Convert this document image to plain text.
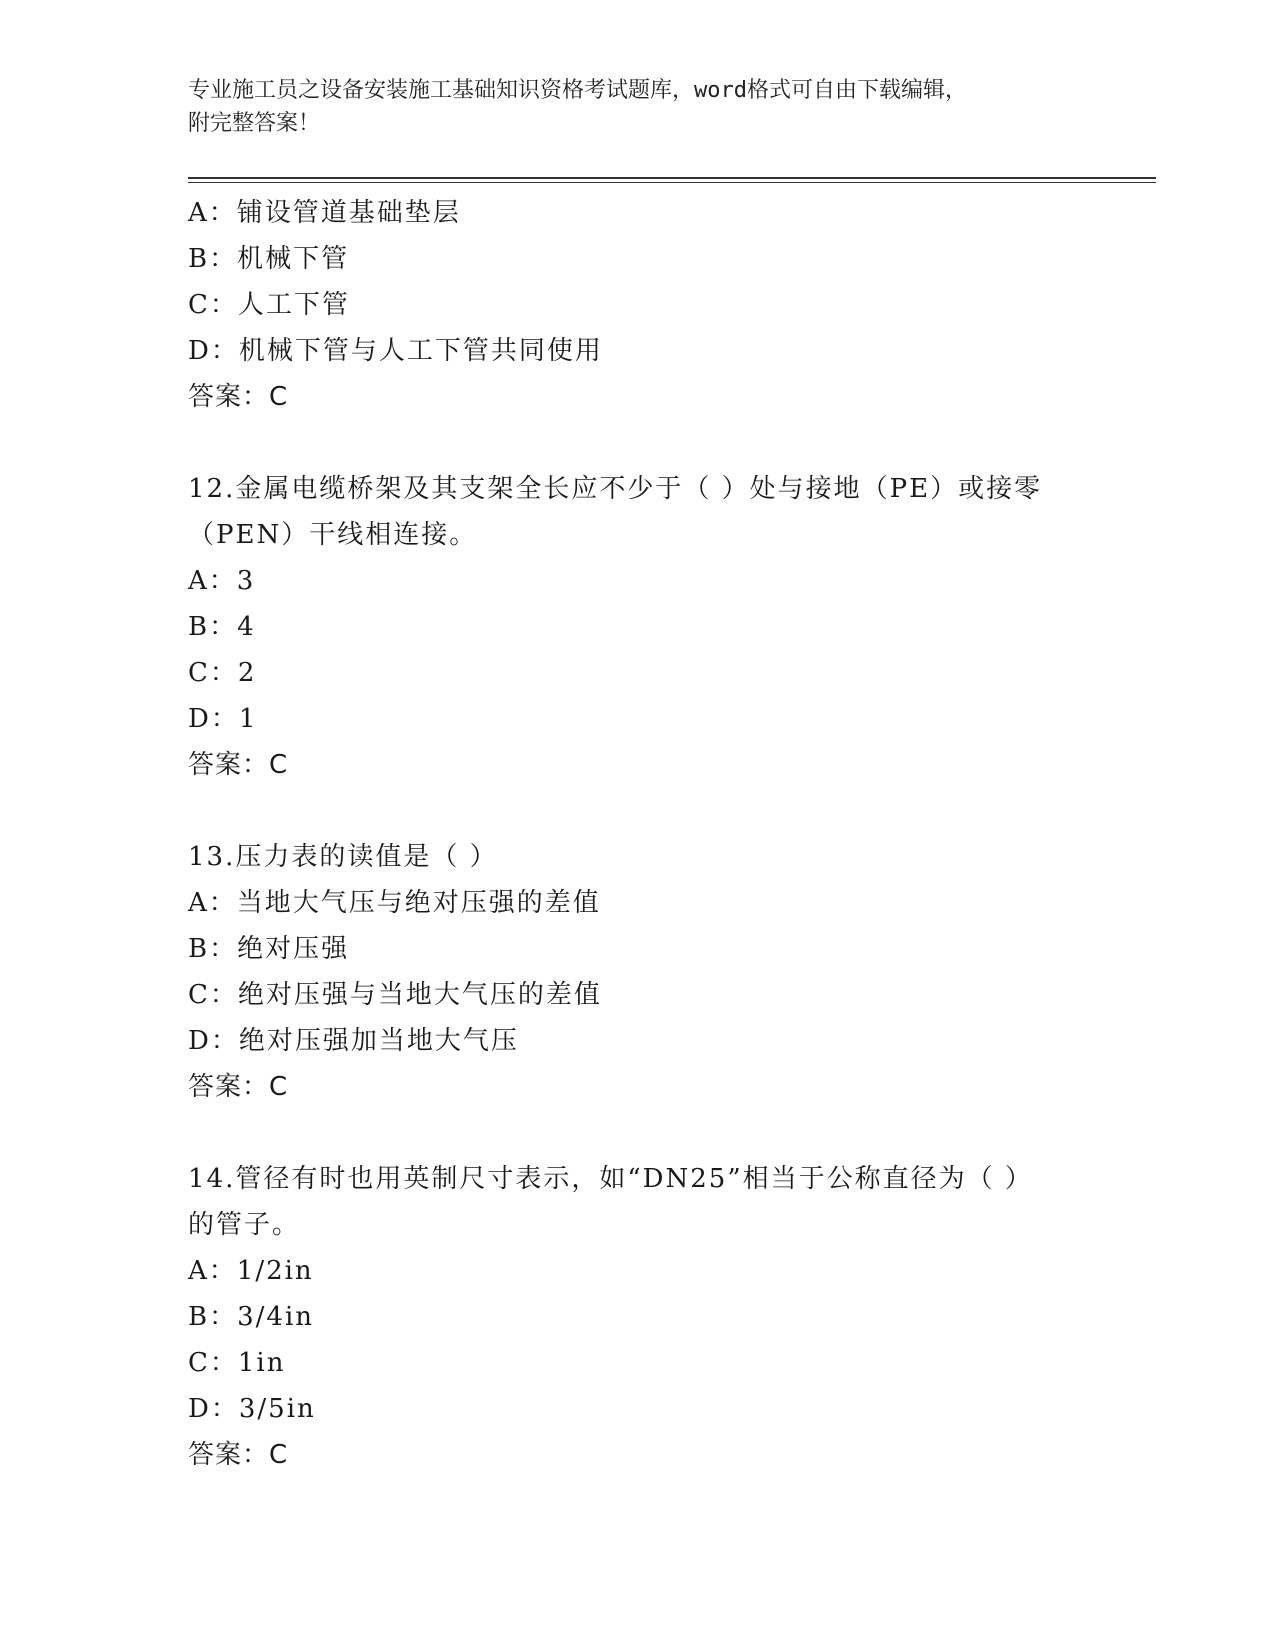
专业施工员之设备安装施工基础知识资格考试题库，word格式可自由下载编辑，
附完整答案！
A：铺设管道基础垫层
B：机械下管
C：人工下管
D：机械下管与人工下管共同使用
答案：C
12.金属电缆桥架及其支架全长应不少于（ ）处与接地（PE）或接零
（PEN）干线相连接。
A：3
B：4
C：2
D：1
答案：C
13.压力表的读值是（ ）
A：当地大气压与绝对压强的差值
B：绝对压强
C：绝对压强与当地大气压的差值
D：绝对压强加当地大气压
答案：C
14.管径有时也用英制尺寸表示，如“DN25”相当于公称直径为（ ）
的管子。
A：1/2in
B：3/4in
C：1in
D：3/5in
答案：C
